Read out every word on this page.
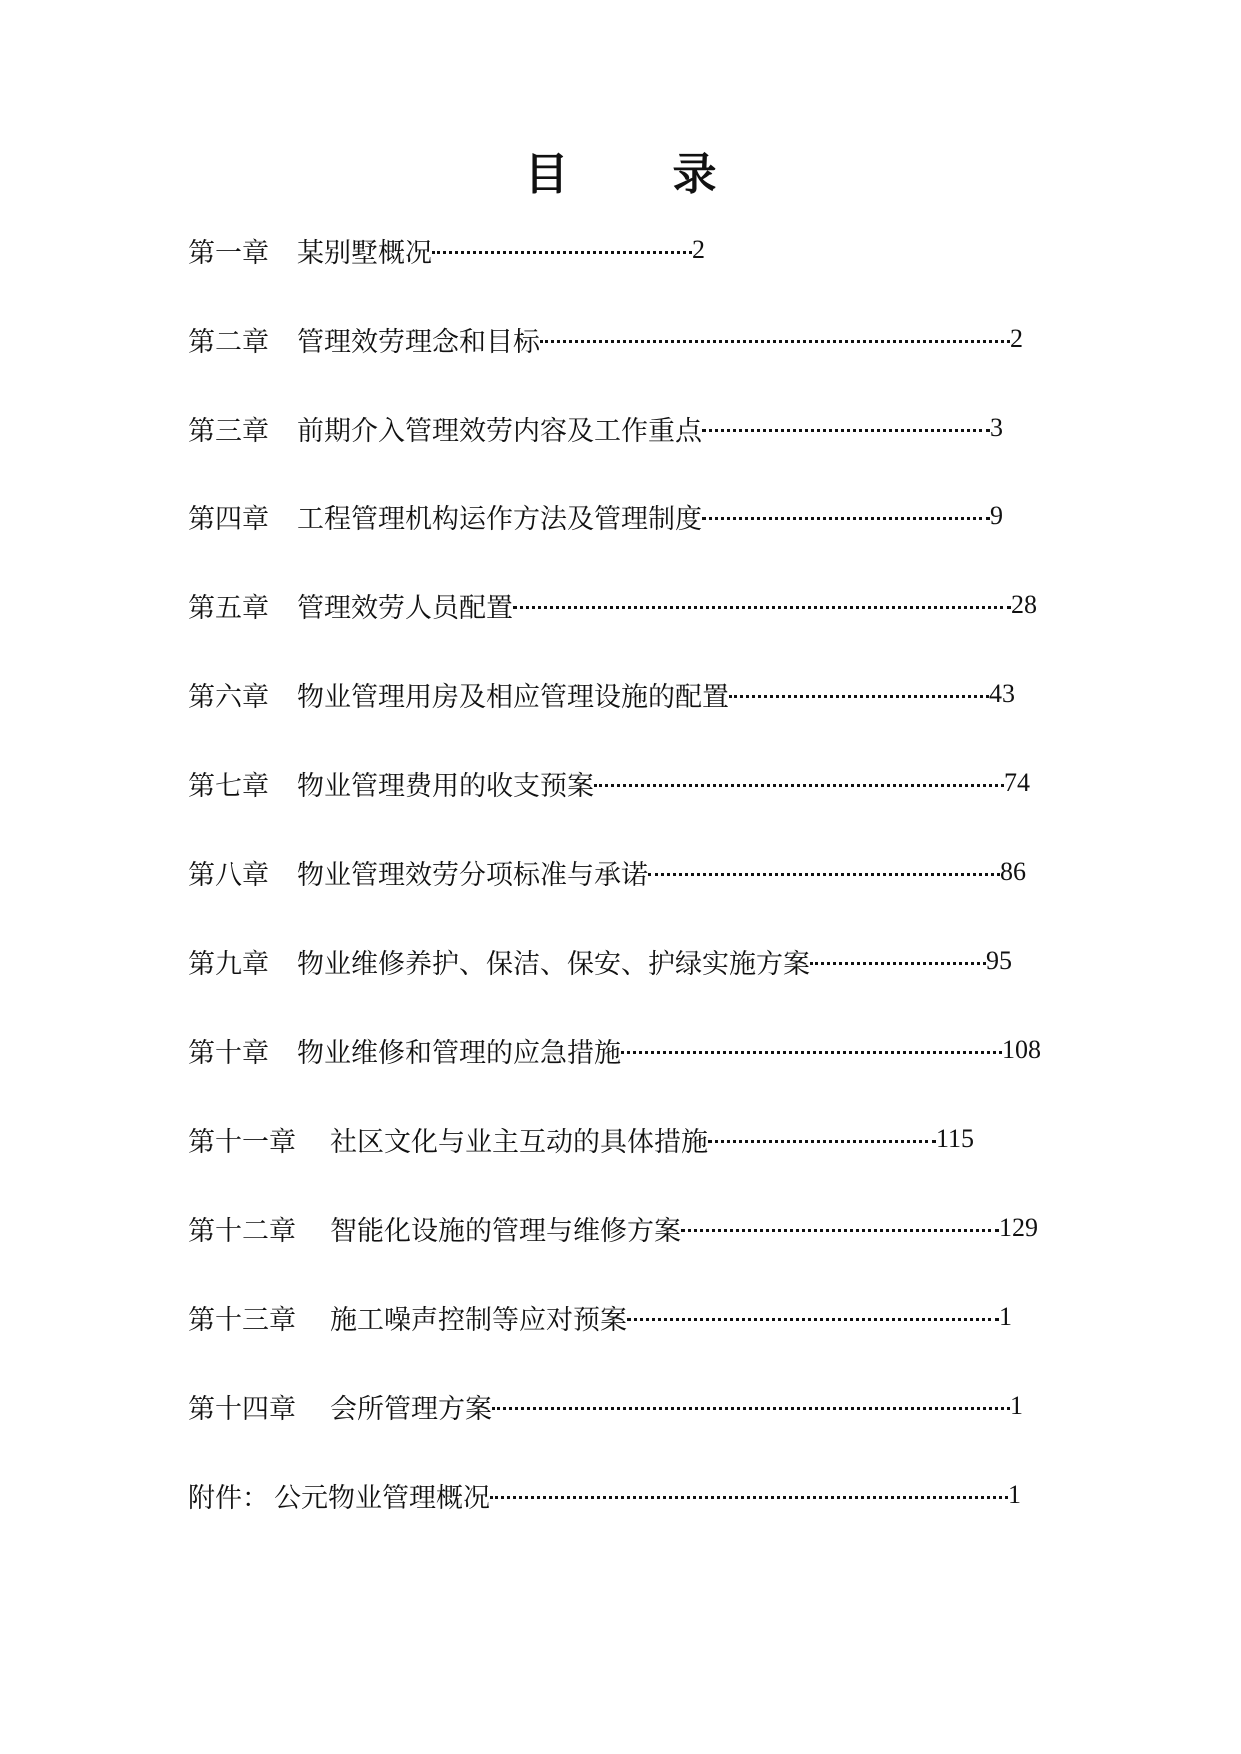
目 录
第一章 某别墅概况	2
第二章 管理效劳理念和目标	2
第三章 前期介入管理效劳内容及工作重点	3
第四章 工程管理机构运作方法及管理制度	9
第五章 管理效劳人员配置	28
第六章 物业管理用房及相应管理设施的配置	43
第七章 物业管理费用的收支预案	74
第八章 物业管理效劳分项标准与承诺	86
第九章 物业维修养护、保洁、保安、护绿实施方案	95
第十章 物业维修和管理的应急措施	108
第十一章 社区文化与业主互动的具体措施	115
第十二章 智能化设施的管理与维修方案	129
第十三章 施工噪声控制等应对预案	1
第十四章 会所管理方案	1
附件： 公元物业管理概况	1
